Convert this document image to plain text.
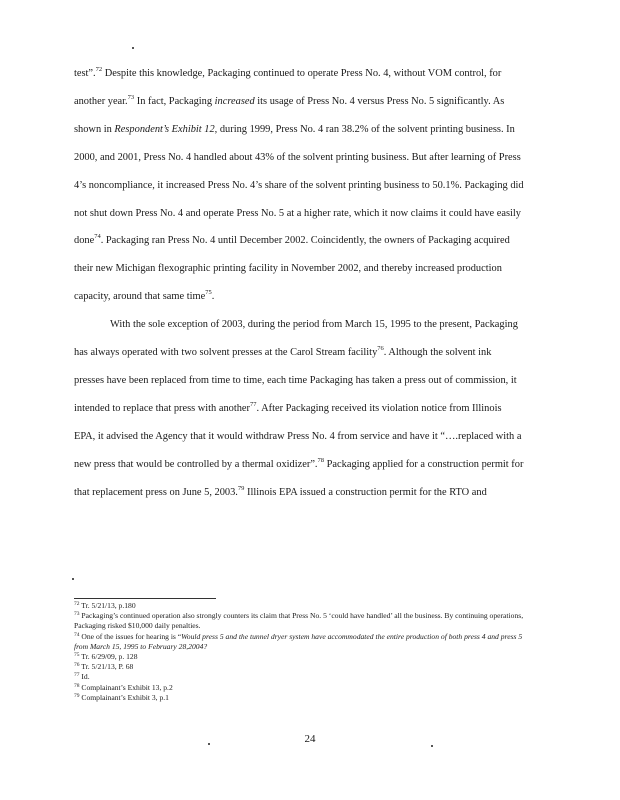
test”.$^{72}$ Despite this knowledge, Packaging continued to operate Press No. 4, without VOM control, for another year.$^{73}$ In fact, Packaging increased its usage of Press No. 4 versus Press No. 5 significantly. As shown in Respondent’s Exhibit 12, during 1999, Press No. 4 ran 38.2% of the solvent printing business. In 2000, and 2001, Press No. 4 handled about 43% of the solvent printing business. But after learning of Press 4’s noncompliance, it increased Press No. 4’s share of the solvent printing business to 50.1%. Packaging did not shut down Press No. 4 and operate Press No. 5 at a higher rate, which it now claims it could have easily done$^{74}$. Packaging ran Press No. 4 until December 2002. Coincidently, the owners of Packaging acquired their new Michigan flexographic printing facility in November 2002, and thereby increased production capacity, around that same time$^{75}$.

With the sole exception of 2003, during the period from March 15, 1995 to the present, Packaging has always operated with two solvent presses at the Carol Stream facility$^{76}$. Although the solvent ink presses have been replaced from time to time, each time Packaging has taken a press out of commission, it intended to replace that press with another$^{77}$. After Packaging received its violation notice from Illinois EPA, it advised the Agency that it would withdraw Press No. 4 from service and have it “….replaced with a new press that would be controlled by a thermal oxidizer”.$^{78}$ Packaging applied for a construction permit for that replacement press on June 5, 2003.79 Illinois EPA issued a construction permit for the RTO and

$^{72}$ Tr. 5/21/13, p.180

$^{73}$ Packaging’s continued operation also strongly counters its claim that Press No. 5 ‘could have handled’ all the business. By continuing operations, Packaging risked $10,000 daily penalties.

$^{74}$ One of the issues for hearing is “Would press 5 and the tunnel dryer system have accommodated the entire production of both press 4 and press 5 from March 15, 1995 to February 28,2004?

$^{75}$ Tr. 6/29/09, p. 128

$^{76}$ Tr. 5/21/13, P. 68

$^{77}$ Id.

$^{78}$ Complainant’s Exhibit 13, p.2

$^{79}$ Complainant’s Exhibit 3, p.1

24
